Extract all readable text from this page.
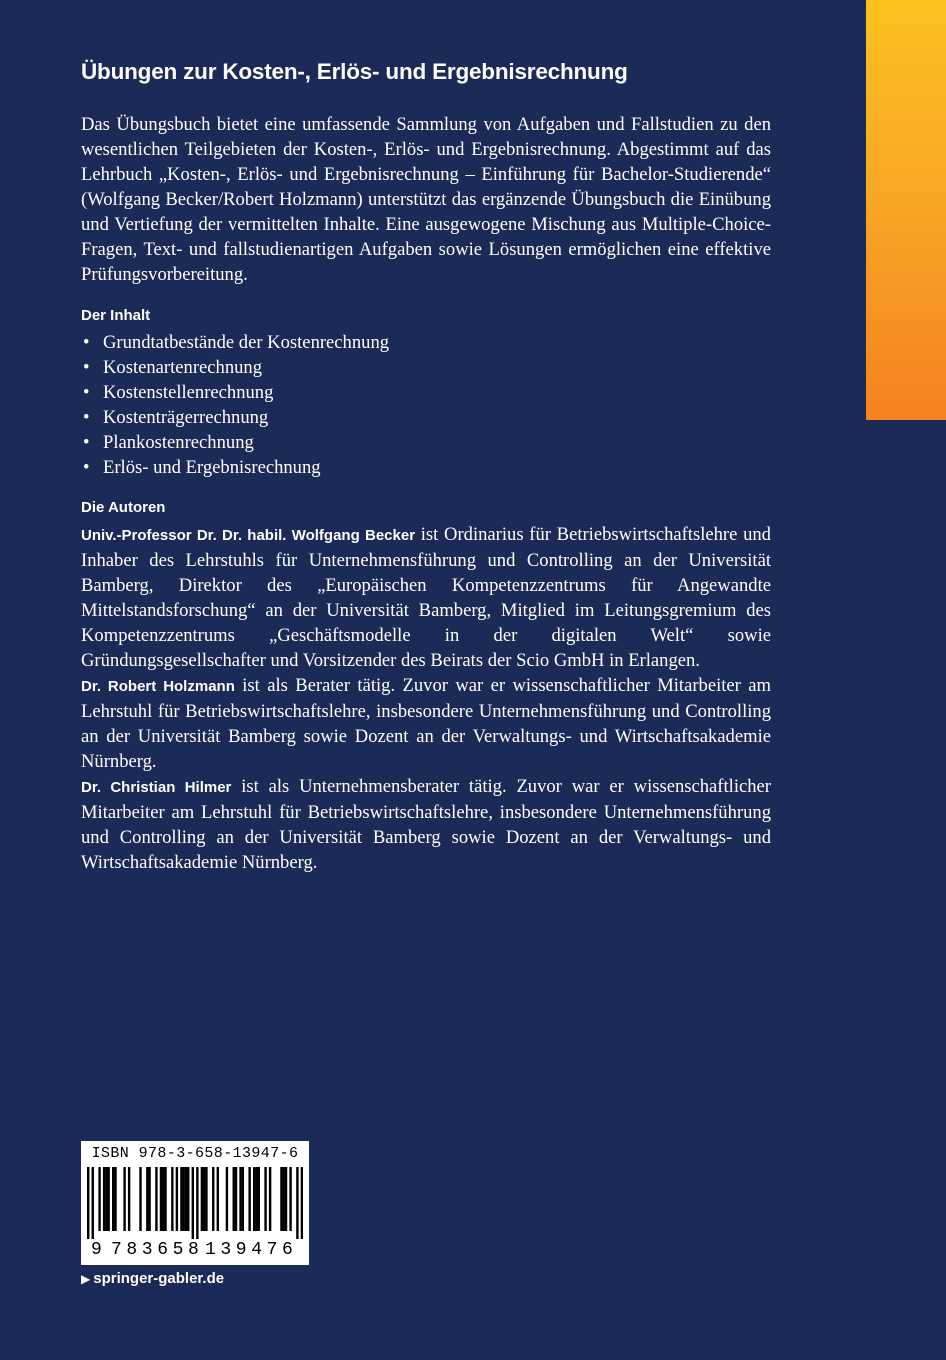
Übungen zur Kosten-, Erlös- und Ergebnisrechnung

Das Übungsbuch bietet eine umfassende Sammlung von Aufgaben und Fallstudien zu den wesentlichen Teilgebieten der Kosten-, Erlös- und Ergebnisrechnung. Abgestimmt auf das Lehrbuch „Kosten-, Erlös- und Ergebnisrechnung – Einführung für Bachelor-Studierende“ (Wolfgang Becker/Robert Holzmann) unterstützt das ergänzende Übungsbuch die Einübung und Vertiefung der vermittelten Inhalte. Eine ausgewogene Mischung aus Multiple-Choice-Fragen, Text- und fallstudienartigen Aufgaben sowie Lösungen ermöglichen eine effektive Prüfungsvorbereitung.

Der Inhalt
• Grundtatbestände der Kostenrechnung
• Kostenartenrechnung
• Kostenstellenrechnung
• Kostenträgerrechnung
• Plankostenrechnung
• Erlös- und Ergebnisrechnung
Die Autoren

Univ.-Professor Dr. Dr. habil. Wolfgang Becker ist Ordinarius für Betriebswirtschaftslehre und Inhaber des Lehrstuhls für Unternehmensführung und Controlling an der Universität Bamberg, Direktor des „Europäischen Kompetenzzentrums für Angewandte Mittelstandsforschung“ an der Universität Bamberg, Mitglied im Leitungsgremium des Kompetenzzentrums „Geschäftsmodelle in der digitalen Welt“ sowie Gründungsgesellschafter und Vorsitzender des Beirats der Scio GmbH in Erlangen.

Dr. Robert Holzmann ist als Berater tätig. Zuvor war er wissenschaftlicher Mitarbeiter am Lehrstuhl für Betriebswirtschaftslehre, insbesondere Unternehmensführung und Controlling an der Universität Bamberg sowie Dozent an der Verwaltungs- und Wirtschaftsakademie Nürnberg.

Dr. Christian Hilmer ist als Unternehmensberater tätig. Zuvor war er wissenschaftlicher Mitarbeiter am Lehrstuhl für Betriebswirtschaftslehre, insbesondere Unternehmensführung und Controlling an der Universität Bamberg sowie Dozent an der Verwaltungs- und Wirtschaftsakademie Nürnberg.

ISBN 978-3-658-13947-6
9 783658 139476
▶ springer-gabler.de
